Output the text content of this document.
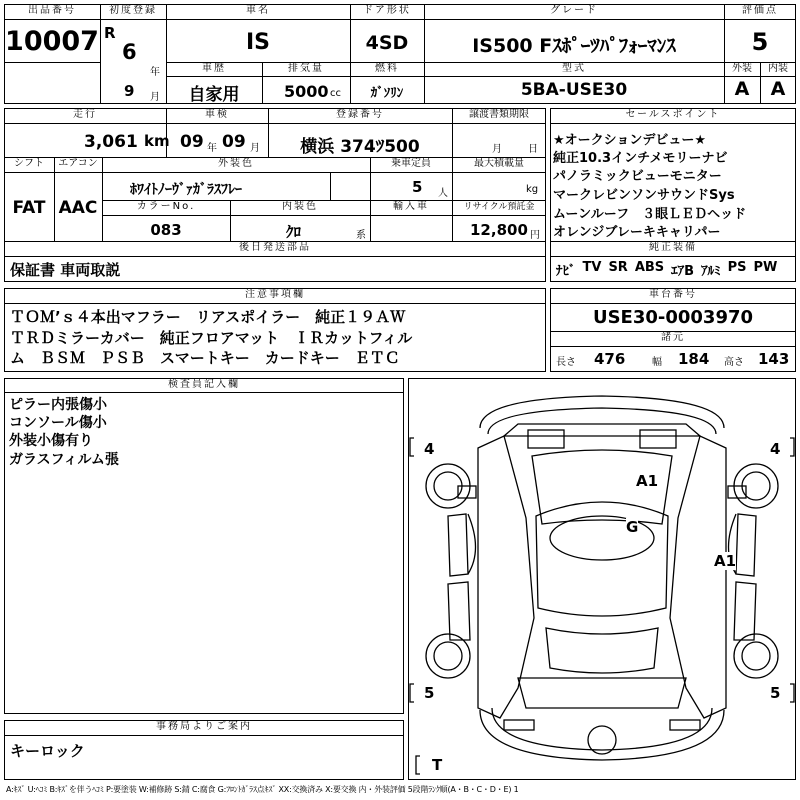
出品番号
10007
初度登録
R
6
年
9 月
車名
IS
ドア形状
4SD
グレード
IS500 Fｽﾎﾟｰﾂﾊﾟﾌｫｰﾏﾝｽ
評価点
5
車歴
自家用
排気量
5000 cc
燃料
ｶﾞｿﾘﾝ
型式
5BA-USE30
外装
A
内装
A
走行
3,061 km
車検
09 年 09 月
登録番号
横浜 374ﾂ500
譲渡書類期限
月	日
シフト
FAT
エアコン
AAC
外装色
ﾎﾜｲﾄﾉｰｳﾞｧｶﾞﾗｽﾌﾚｰ
乗車定員
5 人
最大積載量
kg
カラーNo.
083
内装色
ｸﾛ	系
輸入車	リサイクル預託金
12,800 円
後日発送部品
保証書 車両取説
セールスポイント
★オークションデビュー★
純正10.3インチメモリーナビ
パノラミックビューモニター
マークレビンソンサウンドSys
ムーンルーフ　３眼ＬＥＤヘッド
オレンジブレーキキャリパー
純正装備
ﾅﾋﾞ TV SR ABS ｴｱB ｱﾙﾐ PS PW
注意事項欄
ＴＯＭ’ｓ４本出マフラー　リアスポイラー　純正１９ＡＷ
ＴＲＤミラーカバー　純正フロアマット　ＩＲカットフィル
ム　ＢＳＭ　ＰＳＢ　スマートキー　カードキー　ＥＴＣ
車台番号
USE30-0003970
諸元
長さ 476	幅 184 高さ 143
検査員記入欄
ピラー内張傷小
コンソール傷小
外装小傷有り
ガラスフィルム張
事務局よりご案内
キーロック
4	4
5	5
T
A1
G
A1
A:ｷｽﾞ U:ﾍｺﾐ B:ｷｽﾞを伴うﾍｺﾐ P:要塗装 W:補修跡 S:錆 C:腐食 G:ﾌﾛﾝﾄｶﾞﾗｽ点ｷｽﾞ XX:交換済み X:要交換 内・外装評価 5段階ﾗﾝｸ順(A・B・C・D・E) 1
